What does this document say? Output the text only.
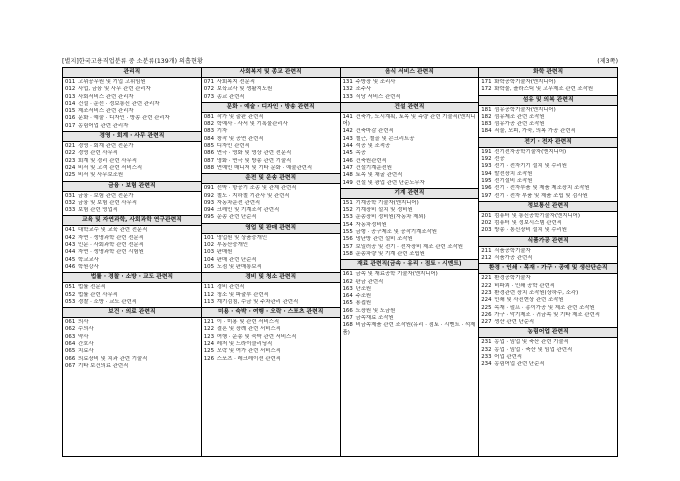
[별지]한국고용직업분류 중 소분류(139개) 의흡현황	(제3쪽)
관리직
011 고위공무원 및 기업 고위임원
012 사업, 금융 및 사무 관련 관리자
013 사회서비스 관련 관리자
014 건설 · 운선 · 정보통신 관련 관리자
015 제조서비스 관련 관리자
016 문화 · 예술 · 디자인 · 방송 관련 관리자
017 농림어업 관련 관리자
경영 · 회계 · 사무 관련직
021 경영 · 회계 관련 전문가
022 경영 관련 사무직
023 회계 및 경리 관련 사무직
024 비서 및 고객 관련 서비스직
025 비서 및 사무보조원
금융 · 보험 관련직
031 금융 · 보험 관련 전문가
032 금융 및 보험 관련 사무직
033 보험 관련 영업직
교육 및 자연과학, 사회과학 연구관련직
041 대학교수 및 교육 관련 전문직
042 자연 · 생명과학 관련 전문직
043 인문 · 사회과학 관련 전문직
044 자연 · 생명과학 관련 시험원
045 학교교사
046 학원강사
법률 · 경찰 · 소방 · 교도 관련직
051 법률 전문직
052 법률 관련 사무직
053 경찰 · 소방 · 교도 관련직
보건 · 의료 관련직
061 의사
062 수의사
063 약사
064 간호사
065 치료사
066 의료장비 및 치과 관련 기술직
067 기타 보건의료 관련직
사회복지 및 종교 관련직
071 사회복지 전문직
072 보육교사 및 생활지도원
073 종교 관련직
문화 · 예술 · 디자인 · 방송 관련직
081 작가 및 출판 관련직
082 학예사 · 사서 및 기록물관리사
083 기자
084 창작 및 공연 관련직
085 디자인 관련직
086 연극 · 영화 및 영상 관련 전문직
087 영화 · 연극 및 방송 관련 기술직
088 연예인 매니저 및 기타 문화 · 예술관련직
운전 및 운송 관련직
091 선박 · 항공기 조종 및 관제 관련직
092 철도 · 지하철 기관사 및 관련직
093 자동차운전 관련직
094 크레인 및 기계조작 관련직
095 운송 관련 단순직
영업 및 판매 관련직
101 영업원 및 상품중개인
102 부동산중개인
103 판매원
104 판매 관련 단순직
105 노점 및 판매통보직
경비 및 청소 관련직
111 경비 관련직
112 청소 및 파출부 관련직
113 계기검침, 수금 및 주차관리 관련직
미용 · 숙박 · 여행 · 오락 · 스포츠 관련직
121 이 · 미용 및 관련 서비스직
122 결혼 및 장례 관련 서비스직
123 여행 · 운송 및 숙박 관련 서비스직
124 레저 및 드라이클리닝직
125 오락 및 여가 관련 서비스직
126 스포츠 · 레크레이션 관련직
음식 서비스 관련직
131 주방장 및 조리사
132 조주사
133 식당 서비스 관련직
건설 관련직
141 건축가, 도시계획, 토목 및 측량 관련 기술직(엔지니어)
142 건축마감 관련직
143 철근, 철골 및 콘크리트공
144 석공 및 조적공
145 목공
146 건축원관련직
147 건설기계운전원
148 토목 및 채굴 관련직
149 건설 및 광업 관련 단순노무자
기계 관련직
151 기계공학 기술자(엔지니어)
152 기계장비 설치 및 정비원
153 운송장비 정비원(자동차 제외)
154 자동차정비원
155 금형 · 공구제조 및 공작기계조작원
156 냉난방 관련 설비 조작원
157 보일러공 및 전기 · 전자장비 제조 관련 조작원
158 운송차량 및 기계 관련 조립원
재료 관련직(금속 · 유리 · 점토 · 시멘트)
161 금속 및 재료공학 기술자(엔지니어)
162 판금 관련직
163 단조원
164 주조원
165 용접원
166 도장원 및 도금원
167 금속재료 조작원
168 비금속제품 관련 조작원(유리 · 점토 · 시멘트 · 석제품)
화학 관련직
171 화학공학기술자(엔지니어)
172 화학물, 플라스틱 및 고무제조 관련 조작원
섬유 및 의복 관련직
181 섬유공학기술자(엔지니어)
182 섬유제조 관련 조작원
183 섬유가공 관련 조작원
184 직물, 모피, 가죽, 의복 가공 관련직
전기 · 전자 관련직
191 전기전자공학기술자(엔지니어)
192 전공
193 전기 · 전자기기 설치 및 수리원
194 발전장치 조작원
195 전기설비 조작원
196 전기 · 전자부품 및 제품 제조장치 조작원
197 전기 · 전자 부품 및 제품 조립 및 검사원
정보통신 관련직
201 컴퓨터 및 통신공학기술자(엔지니어)
202 컴퓨터 및 정보시스템 관련직
203 방송 · 통신장비 설치 및 수리원
식품가공 관련직
211 식품공학기술자
212 식품가공 관련직
환경 · 인쇄 · 목재 · 가구 · 공예 및 생산단순직
221 환경공학기술자
222 비파괴 · 인쇄 공학 관련직
223 환경관련 장치 조작원(상하수, 소각)
224 인쇄 및 사진현상 관련 조작원
225 목재 · 펄프 · 종이가공 및 제조 관련 조작원
226 가구 · 악기제조 · 귀금속 및 기타 제조 관련직
227 생산 관련 단순직
농림어업 관련직
231 농업 · 임업 및 축산 관련 기술직
232 농업 · 임업 · 축산 및 임업 관련직
233 어업 관련직
234 농림어업 관련 단순직
